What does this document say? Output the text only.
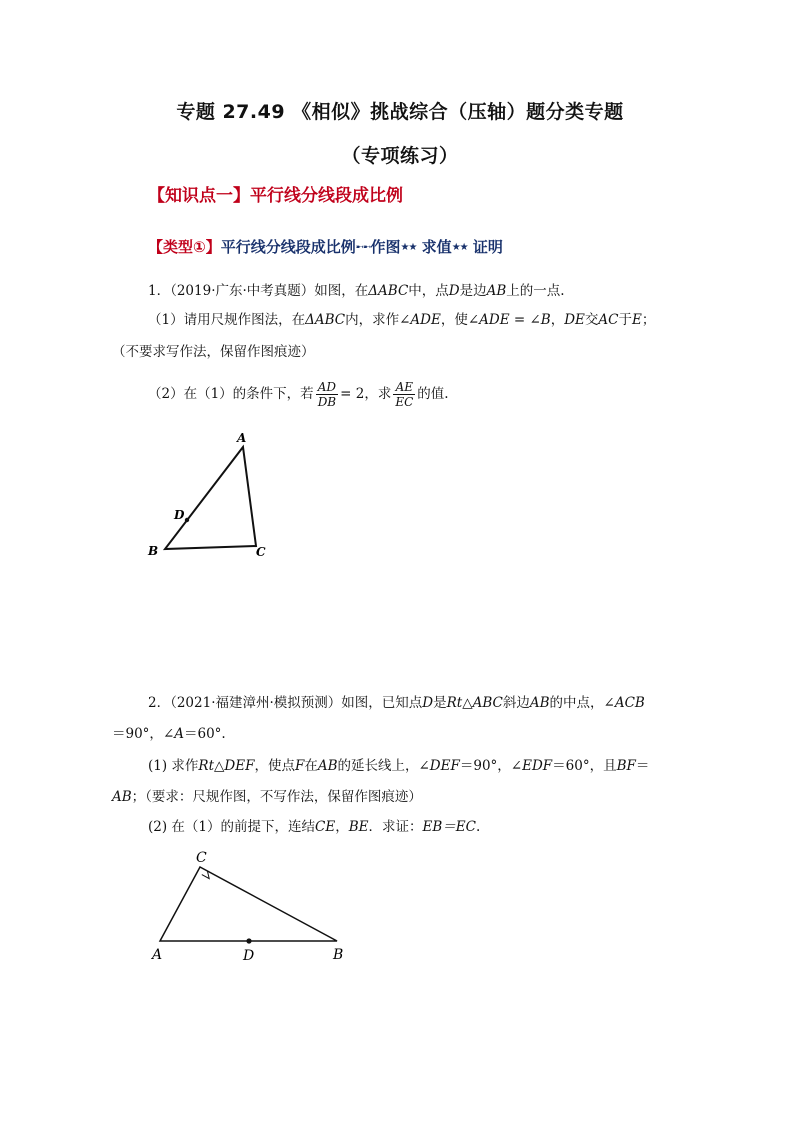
专题 27.49 《相似》挑战综合（压轴）题分类专题
（专项练习）
【知识点一】平行线分线段成比例
【类型①】平行线分线段成比例➸➸作图★★ 求值★★ 证明
1．（2019·广东·中考真题）如图，在ΔABC中，点D是边AB上的一点.
（1）请用尺规作图法，在ΔABC内，求作∠ADE，使∠ADE = ∠B，DE交AC于E；
（不要求写作法，保留作图痕迹）
（2）在（1）的条件下，若 $\frac{AD}{DB} = 2$，求 $\frac{AE}{EC}$ 的值.
A
B	C
D
2．（2021·福建漳州·模拟预测）如图，已知点D是Rt△ABC斜边AB的中点，∠ACB
＝90°，∠A＝60°.
(1) 求作Rt△DEF，使点F在AB的延长线上，∠DEF＝90°，∠EDF＝60°，且BF＝
AB；（要求：尺规作图，不写作法，保留作图痕迹）
(2) 在（1）的前提下，连结CE，BE．求证：EB＝EC.
A
C
B
D
